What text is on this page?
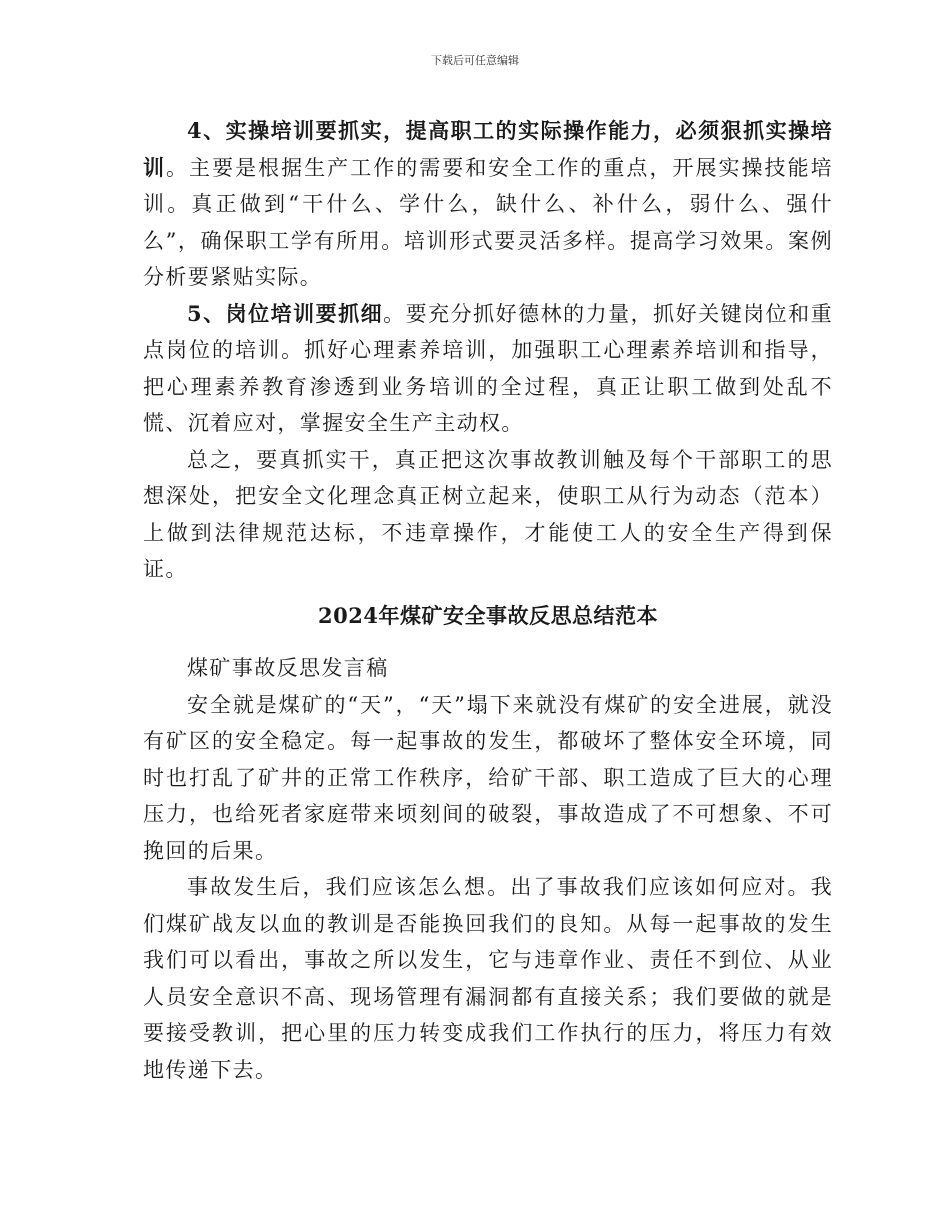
下载后可任意编辑

4、实操培训要抓实，提高职工的实际操作能力，必须狠抓实操培训。主要是根据生产工作的需要和安全工作的重点，开展实操技能培训。真正做到“干什么、学什么，缺什么、补什么，弱什么、强什么”，确保职工学有所用。培训形式要灵活多样。提高学习效果。案例分析要紧贴实际。

5、岗位培训要抓细。要充分抓好德林的力量，抓好关键岗位和重点岗位的培训。抓好心理素养培训，加强职工心理素养培训和指导，把心理素养教育渗透到业务培训的全过程，真正让职工做到处乱不慌、沉着应对，掌握安全生产主动权。

总之，要真抓实干，真正把这次事故教训触及每个干部职工的思想深处，把安全文化理念真正树立起来，使职工从行为动态（范本）上做到法律规范达标，不违章操作，才能使工人的安全生产得到保证。

2024年煤矿安全事故反思总结范本

煤矿事故反思发言稿

安全就是煤矿的“天”，“天”塌下来就没有煤矿的安全进展，就没有矿区的安全稳定。每一起事故的发生，都破坏了整体安全环境，同时也打乱了矿井的正常工作秩序，给矿干部、职工造成了巨大的心理压力，也给死者家庭带来顷刻间的破裂，事故造成了不可想象、不可挽回的后果。

事故发生后，我们应该怎么想。出了事故我们应该如何应对。我们煤矿战友以血的教训是否能换回我们的良知。从每一起事故的发生我们可以看出，事故之所以发生，它与违章作业、责任不到位、从业人员安全意识不高、现场管理有漏洞都有直接关系；我们要做的就是要接受教训，把心里的压力转变成我们工作执行的压力，将压力有效地传递下去。
